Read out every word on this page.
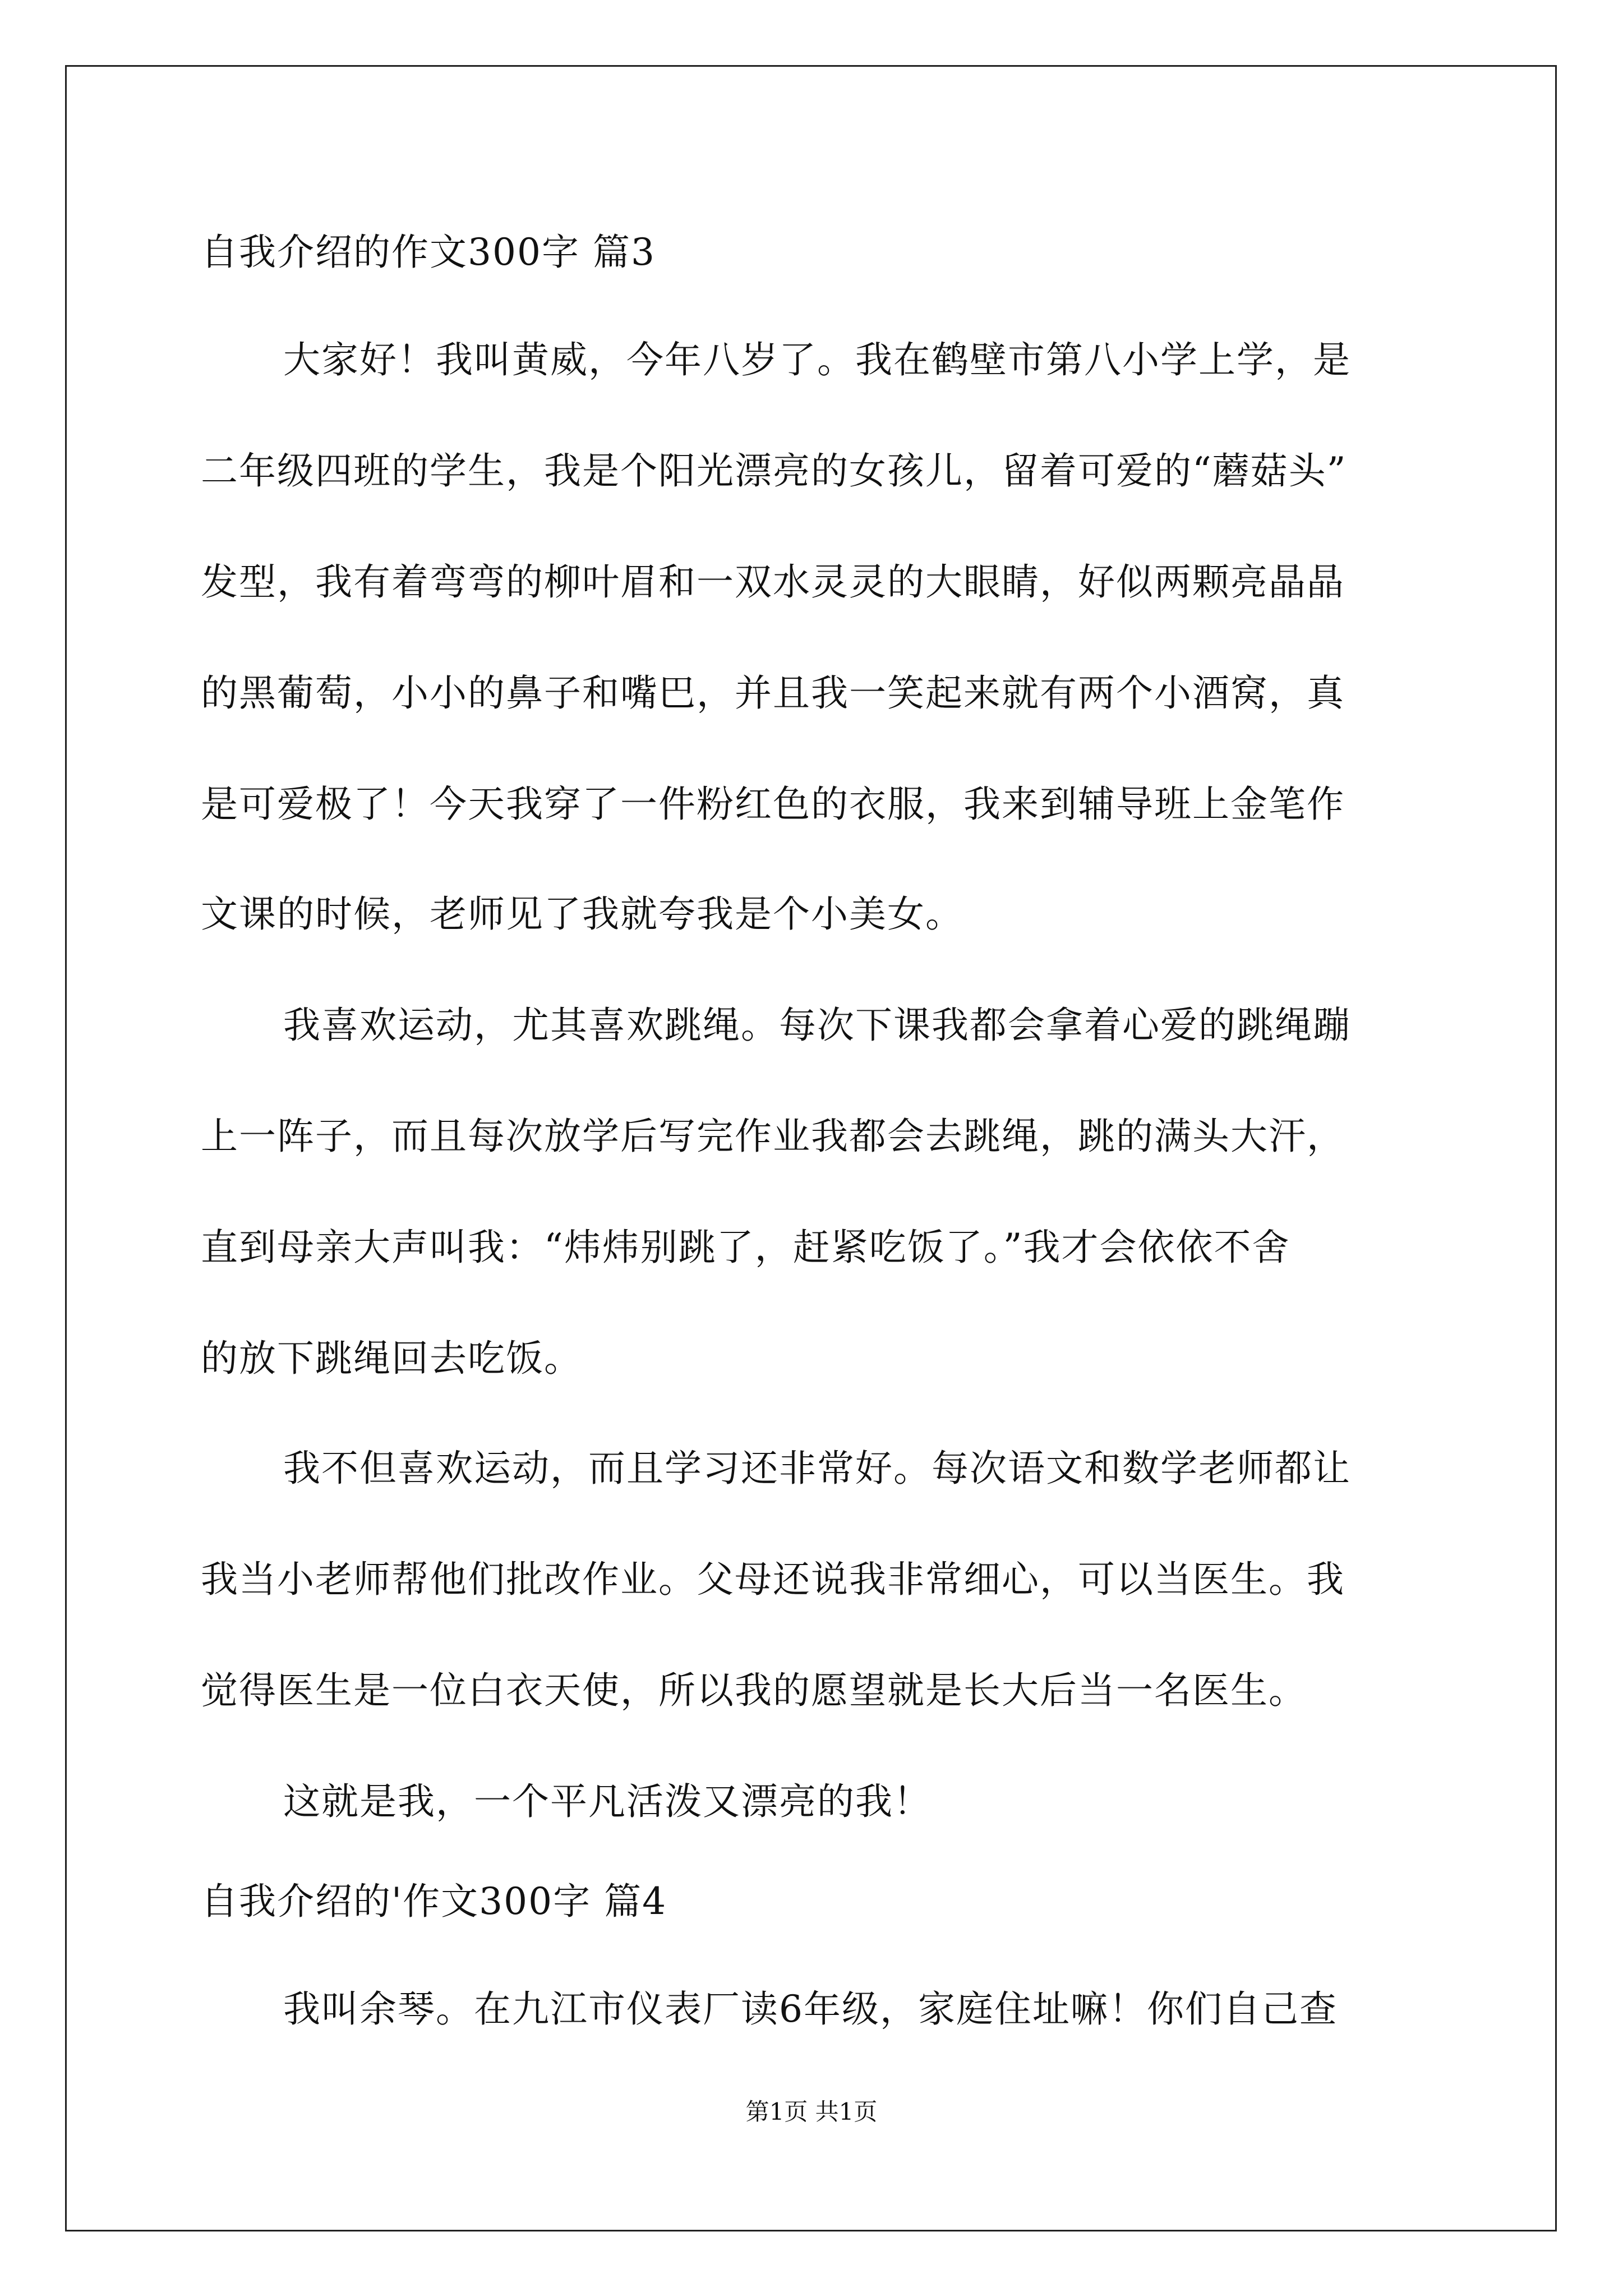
自我介绍的作文300字 篇3
大家好！我叫黄威，今年八岁了。我在鹤壁市第八小学上学，是
二年级四班的学生，我是个阳光漂亮的女孩儿，留着可爱的“蘑菇头”
发型，我有着弯弯的柳叶眉和一双水灵灵的大眼睛，好似两颗亮晶晶
的黑葡萄，小小的鼻子和嘴巴，并且我一笑起来就有两个小酒窝，真
是可爱极了！今天我穿了一件粉红色的衣服，我来到辅导班上金笔作
文课的时候，老师见了我就夸我是个小美女。
我喜欢运动，尤其喜欢跳绳。每次下课我都会拿着心爱的跳绳蹦
上一阵子，而且每次放学后写完作业我都会去跳绳，跳的满头大汗，
直到母亲大声叫我：“炜炜别跳了，赶紧吃饭了。”我才会依依不舍
的放下跳绳回去吃饭。
我不但喜欢运动，而且学习还非常好。每次语文和数学老师都让
我当小老师帮他们批改作业。父母还说我非常细心，可以当医生。我
觉得医生是一位白衣天使，所以我的愿望就是长大后当一名医生。
这就是我，一个平凡活泼又漂亮的我！
自我介绍的'作文300字 篇4
我叫余琴。在九江市仪表厂读6年级，家庭住址嘛！你们自己查
第1页 共1页
